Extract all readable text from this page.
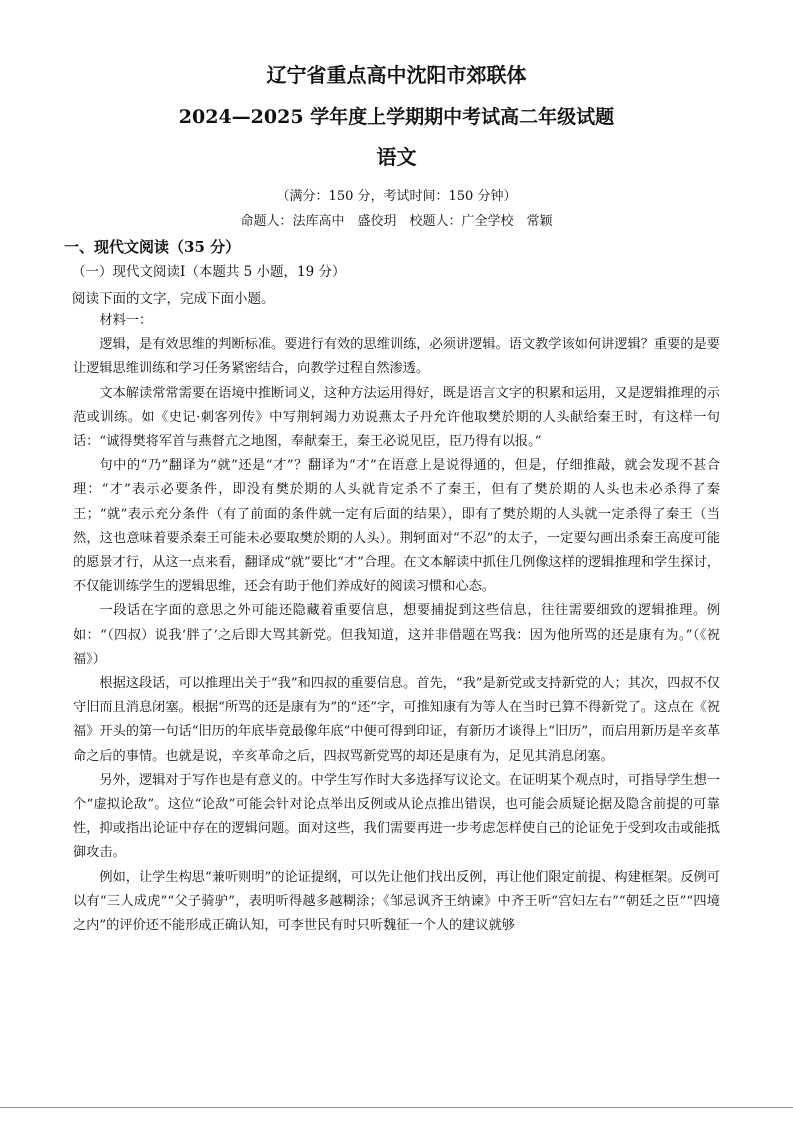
辽宁省重点高中沈阳市郊联体
2024—2025 学年度上学期期中考试高二年级试题
语文
（满分：150 分，考试时间：150 分钟）
命题人：法库高中　盛佼玥　校题人：广全学校　常颖
一、现代文阅读（35 分）
（一）现代文阅读Ⅰ（本题共 5 小题，19 分）
阅读下面的文字，完成下面小题。

材料一：

逻辑，是有效思维的判断标准。要进行有效的思维训练，必须讲逻辑。语文教学该如何讲逻辑？重要的是要让逻辑思维训练和学习任务紧密结合，向教学过程自然渗透。

文本解读常常需要在语境中推断词义，这种方法运用得好，既是语言文字的积累和运用，又是逻辑推理的示范或训练。如《史记·刺客列传》中写荆轲竭力劝说燕太子丹允许他取樊於期的人头献给秦王时，有这样一句话：“诚得樊将军首与燕督亢之地图，奉献秦王，秦王必说见臣，臣乃得有以报。”

句中的“乃”翻译为“就”还是“才”？翻译为“才”在语意上是说得通的，但是，仔细推敲，就会发现不甚合理：“才”表示必要条件，即没有樊於期的人头就肯定杀不了秦王，但有了樊於期的人头也未必杀得了秦王；“就”表示充分条件（有了前面的条件就一定有后面的结果），即有了樊於期的人头就一定杀得了秦王（当然，这也意味着要杀秦王可能未必要取樊於期的人头）。荆轲面对“不忍”的太子，一定要勾画出杀秦王高度可能的愿景才行，从这一点来看，翻译成“就”要比“才”合理。在文本解读中抓住几例像这样的逻辑推理和学生探讨，不仅能训练学生的逻辑思维，还会有助于他们养成好的阅读习惯和心态。

一段话在字面的意思之外可能还隐藏着重要信息，想要捕捉到这些信息，往往需要细致的逻辑推理。例如：“（四叔）说我‘胖了’之后即大骂其新党。但我知道，这并非借题在骂我：因为他所骂的还是康有为。”（《祝福》）

根据这段话，可以推理出关于“我”和四叔的重要信息。首先，“我”是新党或支持新党的人；其次，四叔不仅守旧而且消息闭塞。根据“所骂的还是康有为”的“还”字，可推知康有为等人在当时已算不得新党了。这点在《祝福》开头的第一句话“旧历的年底毕竟最像年底”中便可得到印证，有新历才谈得上“旧历”，而启用新历是辛亥革命之后的事情。也就是说，辛亥革命之后，四叔骂新党骂的却还是康有为，足见其消息闭塞。

另外，逻辑对于写作也是有意义的。中学生写作时大多选择写议论文。在证明某个观点时，可指导学生想一个“虚拟论敌”。这位“论敌”可能会针对论点举出反例或从论点推出错误，也可能会质疑论据及隐含前提的可靠性，抑或指出论证中存在的逻辑问题。面对这些，我们需要再进一步考虑怎样使自己的论证免于受到攻击或能抵御攻击。

例如，让学生构思“兼听则明”的论证提纲，可以先让他们找出反例，再让他们限定前提、构建框架。反例可以有“三人成虎”“父子骑驴”，表明听得越多越糊涂；《邹忌讽齐王纳谏》中齐王听“宫妇左右”“朝廷之臣”“四境之内”的评价还不能形成正确认知，可李世民有时只听魏征一个人的建议就够
